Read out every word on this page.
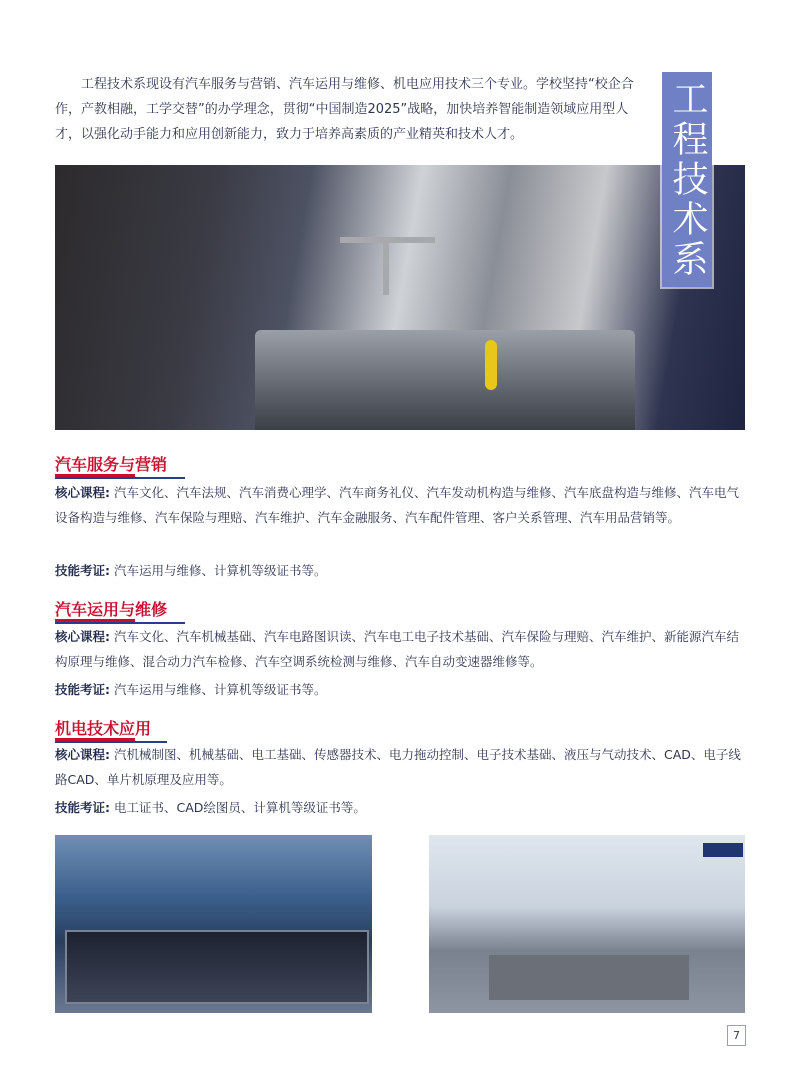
  工程技术系现设有汽车服务与营销、汽车运用与维修、机电应用技术三个专业。学校坚持“校企合作，产教相融，工学交替”的办学理念，贯彻“中国制造2025”战略，加快培养智能制造领域应用型人才，以强化动手能力和应用创新能力，致力于培养高素质的产业精英和技术人才。	工程技术系
汽车服务与营销

核心课程: 汽车文化、汽车法规、汽车消费心理学、汽车商务礼仪、汽车发动机构造与维修、汽车底盘构造与维修、汽车电气设备构造与维修、汽车保险与理赔、汽车维护、汽车金融服务、汽车配件管理、客户关系管理、汽车用品营销等。

技能考证: 汽车运用与维修、计算机等级证书等。

汽车运用与维修

核心课程: 汽车文化、汽车机械基础、汽车电路图识读、汽车电工电子技术基础、汽车保险与理赔、汽车维护、新能源汽车结构原理与维修、混合动力汽车检修、汽车空调系统检测与维修、汽车自动变速器维修等。

技能考证: 汽车运用与维修、计算机等级证书等。

机电技术应用

核心课程: 汽机械制图、机械基础、电工基础、传感器技术、电力拖动控制、电子技术基础、液压与气动技术、CAD、电子线路CAD、单片机原理及应用等。

技能考证: 电工证书、CAD绘图员、计算机等级证书等。

7
